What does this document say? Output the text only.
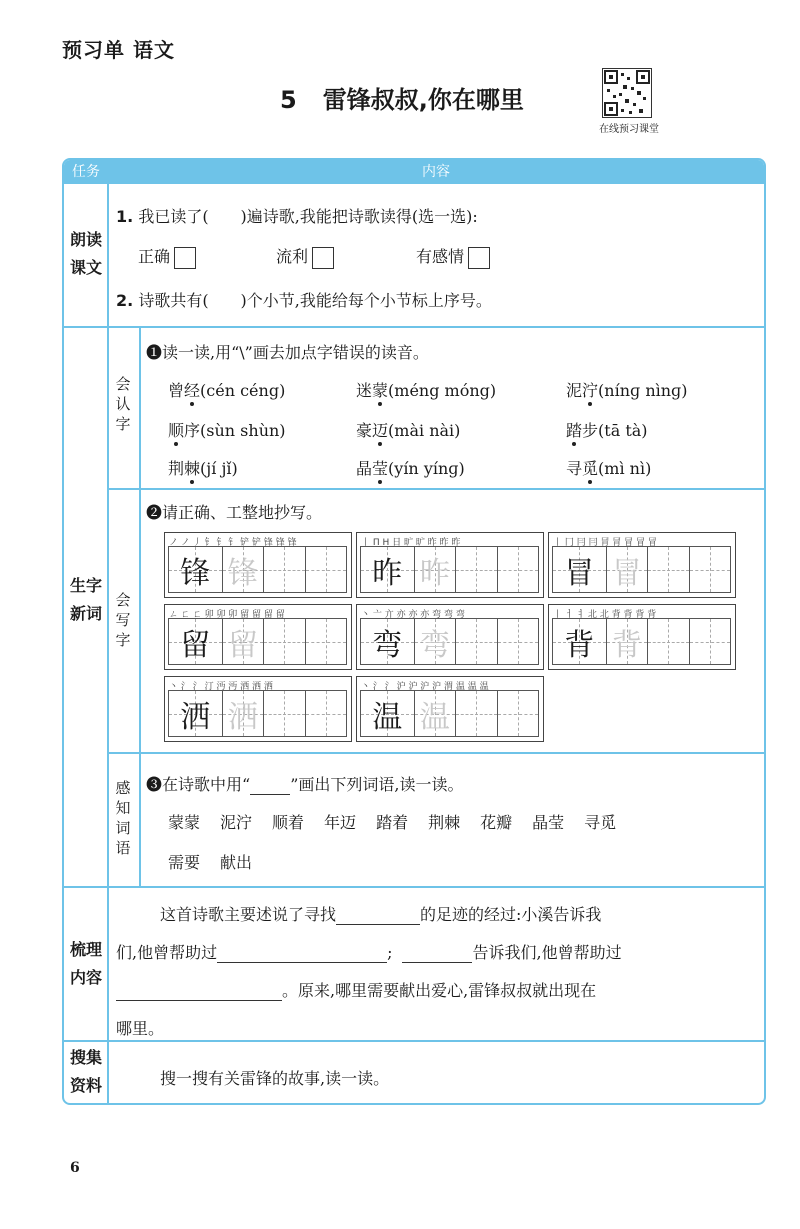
预习单 语文
5 雷锋叔叔,你在哪里
在线预习课堂
任务	内容
朗读
课文
1. 我已读了(　　)遍诗歌,我能把诗歌读得(选一选):
正确	流利	有感情
2. 诗歌共有(　　)个小节,我能给每个小节标上序号。
生字
新词
会
认
字
❶读一读,用“\”画去加点字错误的读音。
曾经(cén céng)	迷蒙(méng móng)	泥泞(nínɡ nìnɡ)
顺序(sùn shùn)	豪迈(mài nài)	踏步(tā tà)
荆棘(jí jǐ)	晶莹(yín yínɡ)	寻觅(mì nì)
会
写
字
❷请正确、工整地抄写。
ノ ノ 丿 钅 钅 钅 铲 铲 锋 锋 锋
锋 锋
丨 П Н 日 旷 旷 昨 昨 昨
昨 昨
丨 冂 冃 冃 冐 冐 冒 冒 冒
冒 冒
ㄥ ㄈ ㄈ 卯 卯 卯 留 留 留 留
留 留
丶 亠 亣 亦 亦 亦 弯 弯 弯
弯 弯
丨 ㅓ ㅕ 北 北 背 背 背 背
背 背
丶 氵 氵 汀 沔 沔 洒 洒 洒
洒 洒
丶 氵 氵 沪 沪 沪 沪 渭 温 温 温
温 温
感
知
词
语
❸在诗歌中用“	”画出下列词语,读一读。
蒙蒙 泥泞 顺着 年迈 踏着 荆棘 花瓣 晶莹 寻觅
需要 献出
梳理
内容
这首诗歌主要述说了寻找	的足迹的经过:小溪告诉我
们,他曾帮助过	;	告诉我们,他曾帮助过
。原来,哪里需要献出爱心,雷锋叔叔就出现在
哪里。
搜集
资料	搜一搜有关雷锋的故事,读一读。
6
